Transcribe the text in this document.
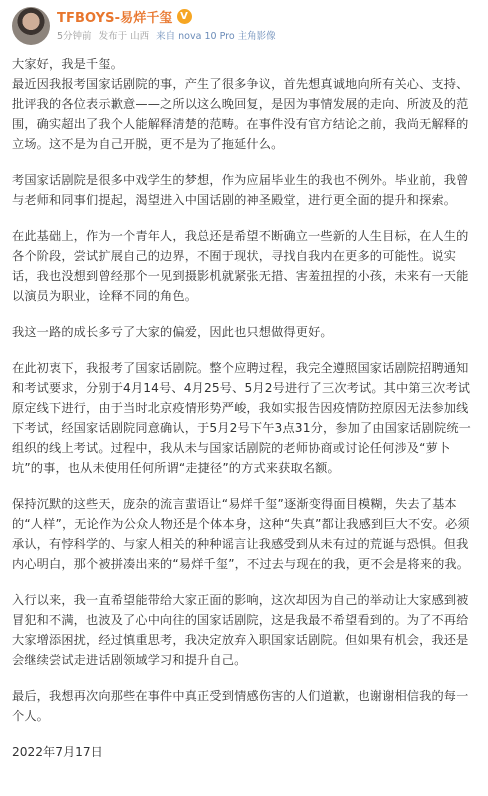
TFBOYS-易烊千玺 V
5分钟前 发布于 山西 来自 nova 10 Pro 主角影像

大家好，我是千玺。

最近因我报考国家话剧院的事，产生了很多争议，首先想真诚地向所有关心、支持、批评我的各位表示歉意——之所以这么晚回复，是因为事情发展的走向、所波及的范围，确实超出了我个人能解释清楚的范畴。在事件没有官方结论之前，我尚无解释的立场。这不是为自己开脱，更不是为了拖延什么。

考国家话剧院是很多中戏学生的梦想，作为应届毕业生的我也不例外。毕业前，我曾与老师和同事们提起，渴望进入中国话剧的神圣殿堂，进行更全面的提升和探索。

在此基础上，作为一个青年人，我总还是希望不断确立一些新的人生目标，在人生的各个阶段，尝试扩展自己的边界，不囿于现状，寻找自我内在更多的可能性。说实话，我也没想到曾经那个一见到摄影机就紧张无措、害羞扭捏的小孩，未来有一天能以演员为职业，诠释不同的角色。

我这一路的成长多亏了大家的偏爱，因此也只想做得更好。

在此初衷下，我报考了国家话剧院。整个应聘过程，我完全遵照国家话剧院招聘通知和考试要求，分别于4月14号、4月25号、5月2号进行了三次考试。其中第三次考试原定线下进行，由于当时北京疫情形势严峻，我如实报告因疫情防控原因无法参加线下考试，经国家话剧院同意确认，于5月2号下午3点31分，参加了由国家话剧院统一组织的线上考试。过程中，我从未与国家话剧院的老师协商或讨论任何涉及“萝卜坑”的事，也从未使用任何所谓“走捷径”的方式来获取名额。

保持沉默的这些天，庞杂的流言蜚语让“易烊千玺”逐渐变得面目模糊，失去了基本的“人样”，无论作为公众人物还是个体本身，这种“失真”都让我感到巨大不安。必须承认，有悖科学的、与家人相关的种种谣言让我感受到从未有过的荒诞与恐惧。但我内心明白，那个被拼凑出来的“易烊千玺”，不过去与现在的我，更不会是将来的我。

入行以来，我一直希望能带给大家正面的影响，这次却因为自己的举动让大家感到被冒犯和不满，也波及了心中向往的国家话剧院，这是我最不希望看到的。为了不再给大家增添困扰，经过慎重思考，我决定放弃入职国家话剧院。但如果有机会，我还是会继续尝试走进话剧领域学习和提升自己。

最后，我想再次向那些在事件中真正受到情感伤害的人们道歉，也谢谢相信我的每一个人。

2022年7月17日
